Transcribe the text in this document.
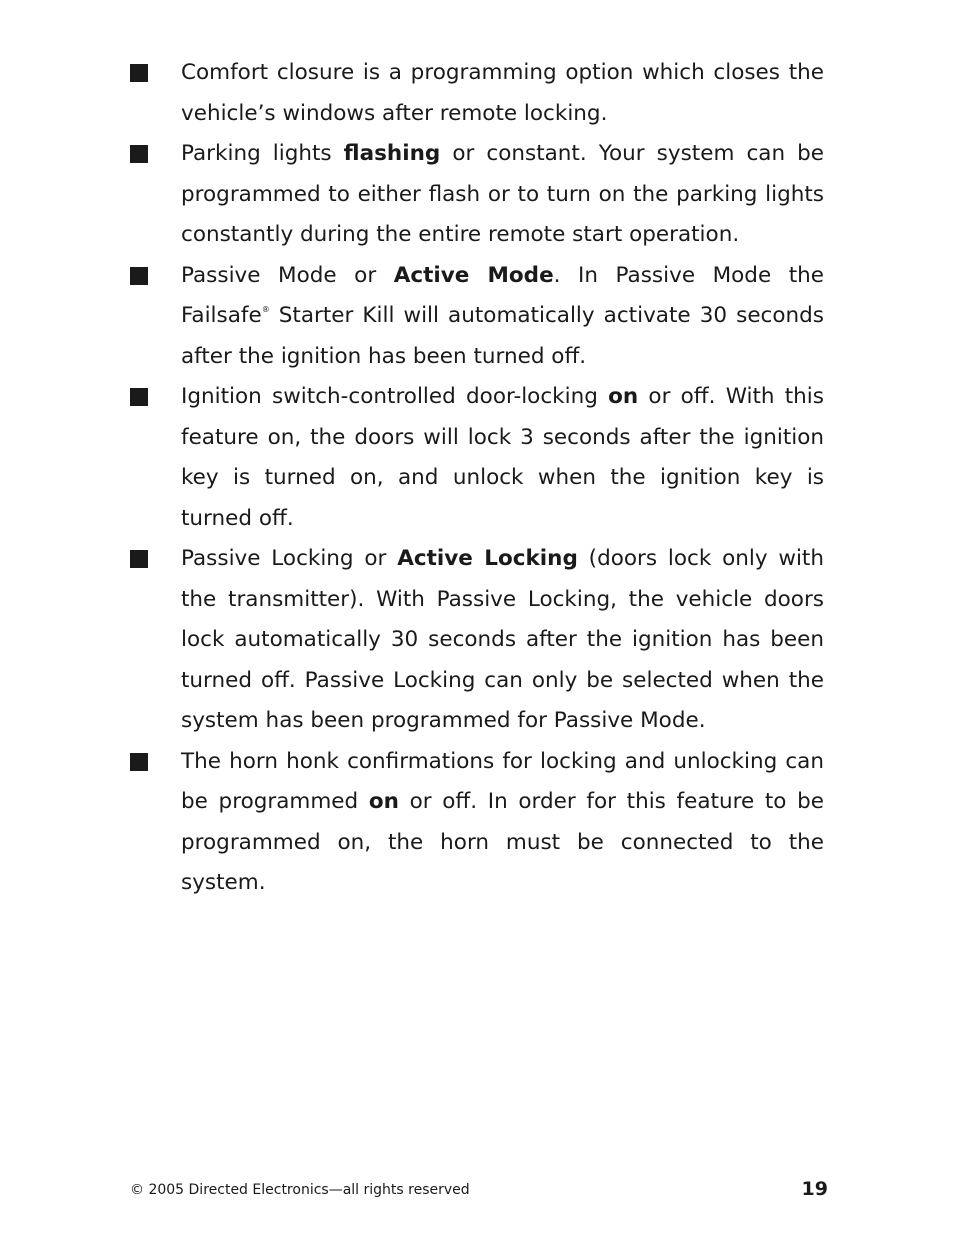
Comfort closure is a programming option which closes the vehicle’s windows after remote locking.
Parking lights flashing or constant. Your system can be programmed to either flash or to turn on the parking lights constantly during the entire remote start operation.
Passive Mode or Active Mode. In Passive Mode the Failsafe® Starter Kill will automatically activate 30 seconds after the ignition has been turned off.
Ignition switch-controlled door-locking on or off. With this feature on, the doors will lock 3 seconds after the ignition key is turned on, and unlock when the ignition key is turned off.
Passive Locking or Active Locking (doors lock only with the transmitter). With Passive Locking, the vehicle doors lock automatically 30 seconds after the ignition has been turned off. Passive Locking can only be selected when the system has been programmed for Passive Mode.
The horn honk confirmations for locking and unlocking can be programmed on or off. In order for this feature to be programmed on, the horn must be connected to the system.
© 2005 Directed Electronics—all rights reserved	19
